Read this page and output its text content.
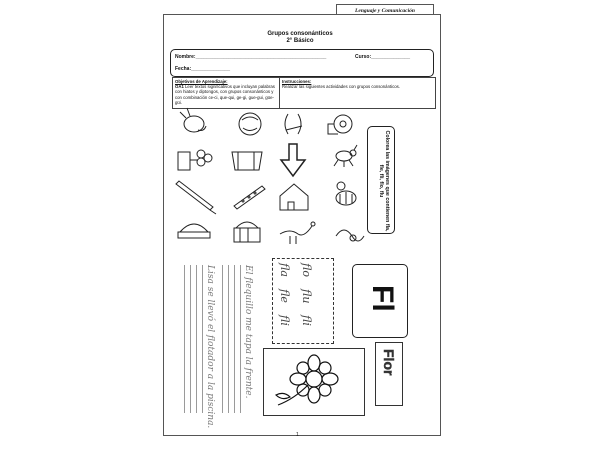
Lenguaje y Comunicación
Grupos consonánticos
2° Básico
Nombre:_______________________________________________	Curso:______________
Fecha:______________
Objetivos de Aprendizaje:
OA1 Leer textos significativos que incluyan palabras con hiatos y diptongos, con grupos consonánticos y con combinación ce-ci, que-qui, ge-gi, gue-gui, güe-güi.
Instrucciones:
Realizar las siguientes actividades con grupos consonánticos.
Colorea las imágenes que contienen fla, fle, fli, flo, flu
Lisa se llevó el flotador a la piscina.	El flequillo me tapa la frente. fla
fle
fli
flo
flu
fli
Fl
Flor
1
